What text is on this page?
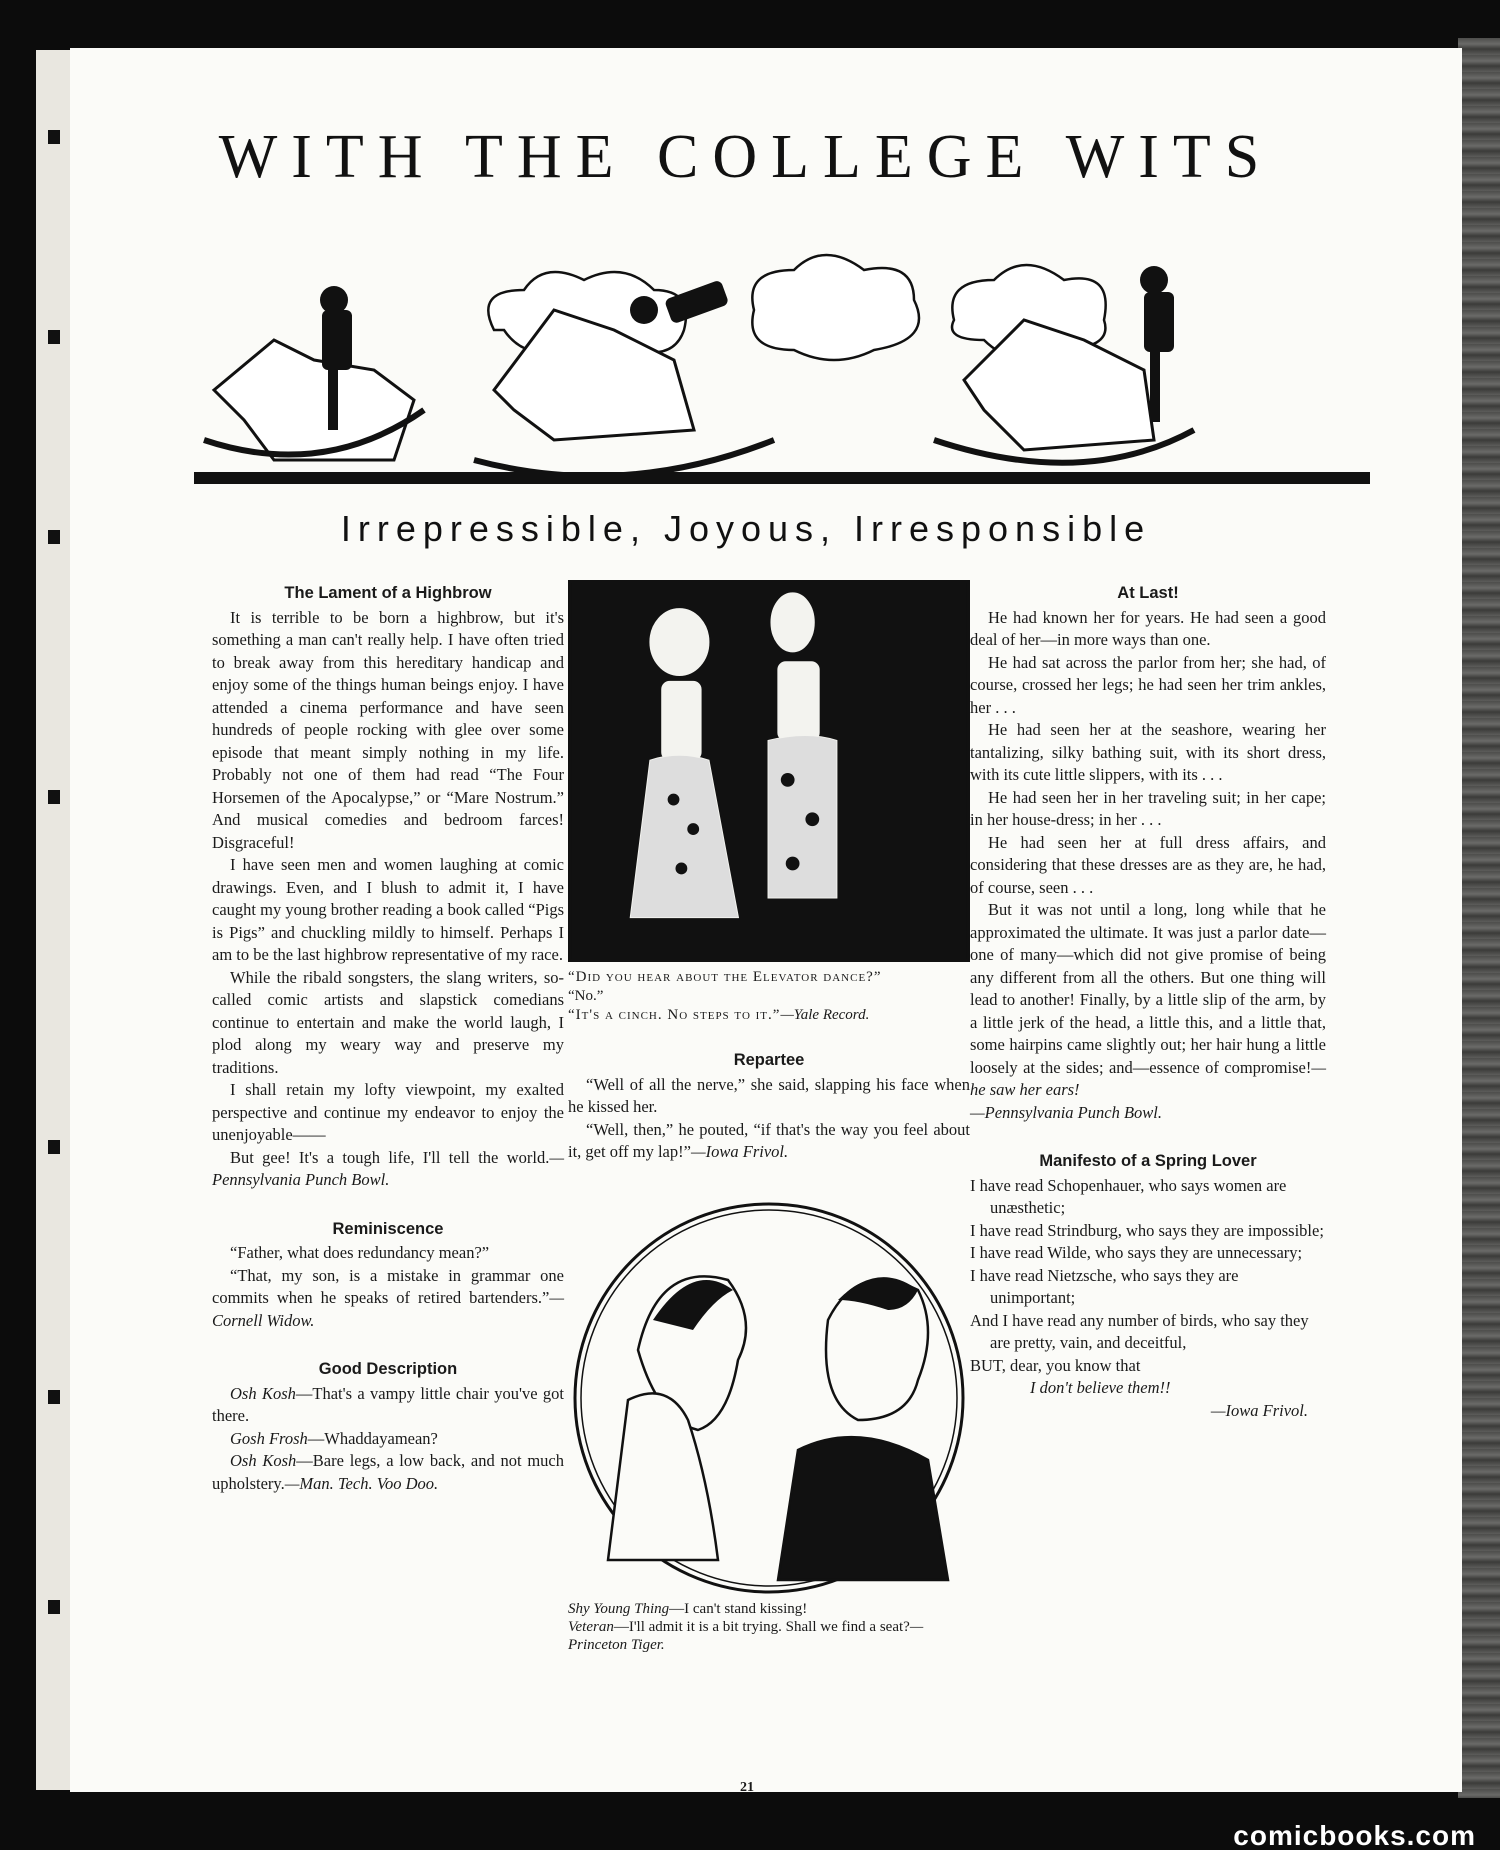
WITH THE COLLEGE WITS
Irrepressible, Joyous, Irresponsible
The Lament of a Highbrow

It is terrible to be born a highbrow, but it's something a man can't really help. I have often tried to break away from this hereditary handicap and enjoy some of the things human beings enjoy. I have attended a cinema performance and have seen hundreds of people rocking with glee over some episode that meant simply nothing in my life. Probably not one of them had read “The Four Horsemen of the Apocalypse,” or “Mare Nostrum.” And musical comedies and bedroom farces! Disgraceful!

I have seen men and women laughing at comic drawings. Even, and I blush to admit it, I have caught my young brother reading a book called “Pigs is Pigs” and chuckling mildly to himself. Perhaps I am to be the last highbrow representative of my race.

While the ribald songsters, the slang writers, so-called comic artists and slapstick comedians continue to entertain and make the world laugh, I plod along my weary way and preserve my traditions.

I shall retain my lofty viewpoint, my exalted perspective and continue my endeavor to enjoy the unenjoyable——

But gee! It's a tough life, I'll tell the world.—Pennsylvania Punch Bowl.

Reminiscence

“Father, what does redundancy mean?”

“That, my son, is a mistake in grammar one commits when he speaks of retired bartenders.”—Cornell Widow.

Good Description

Osh Kosh—That's a vampy little chair you've got there.

Gosh Frosh—Whaddayamean?

Osh Kosh—Bare legs, a low back, and not much upholstery.—Man. Tech. Voo Doo.

“Did you hear about the Elevator dance?”
“No.”
“It's a cinch. No steps to it.”—Yale Record.

Repartee

“Well of all the nerve,” she said, slapping his face when he kissed her.

“Well, then,” he pouted, “if that's the way you feel about it, get off my lap!”—Iowa Frivol.

Shy Young Thing—I can't stand kissing!
Veteran—I'll admit it is a bit trying. Shall we find a seat?—Princeton Tiger.

At Last!

He had known her for years. He had seen a good deal of her—in more ways than one.

He had sat across the parlor from her; she had, of course, crossed her legs; he had seen her trim ankles, her . . .

He had seen her at the seashore, wearing her tantalizing, silky bathing suit, with its short dress, with its cute little slippers, with its . . .

He had seen her in her traveling suit; in her cape; in her house-dress; in her . . .

He had seen her at full dress affairs, and considering that these dresses are as they are, he had, of course, seen . . .

But it was not until a long, long while that he approximated the ultimate. It was just a parlor date—one of many—which did not give promise of being any different from all the others. But one thing will lead to another! Finally, by a little slip of the arm, by a little jerk of the head, a little this, and a little that, some hairpins came slightly out; her hair hung a little loosely at the sides; and—essence of compromise!—he saw her ears!

—Pennsylvania Punch Bowl.

Manifesto of a Spring Lover

I have read Schopenhauer, who says women are unæsthetic;

I have read Strindburg, who says they are impossible;

I have read Wilde, who says they are unnecessary;

I have read Nietzsche, who says they are unimportant;

And I have read any number of birds, who say they are pretty, vain, and deceitful,

BUT, dear, you know that

I don't believe them!!

—Iowa Frivol.

21
comicbooks.com
